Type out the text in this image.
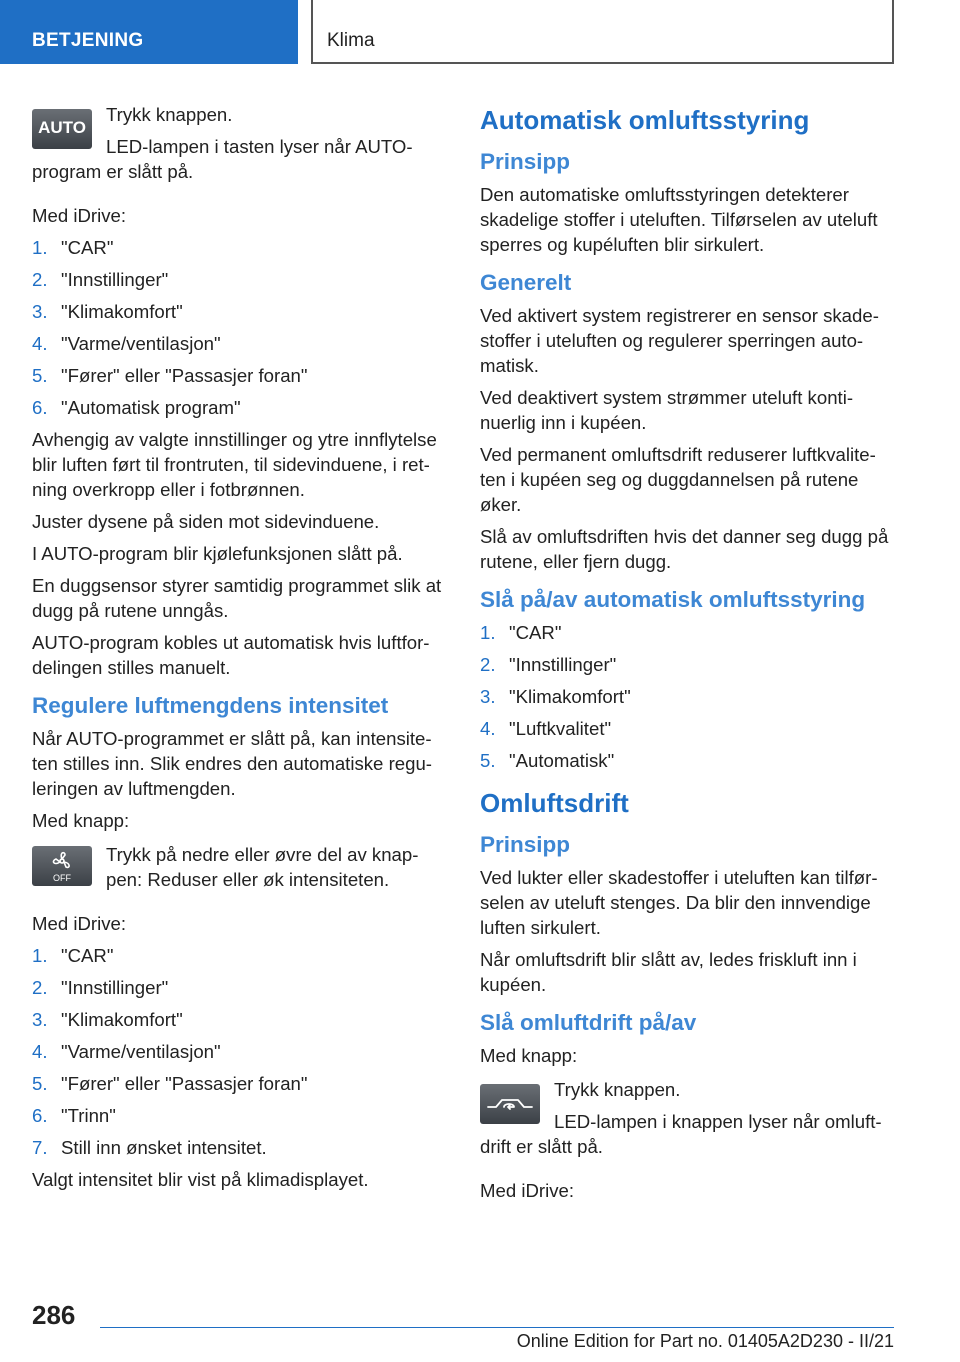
BETJENING	Klima
AUTO

Trykk knappen.

LED-lampen i tasten lyser når AUTO-program er slått på.

Med iDrive:

1. "CAR"
2. "Innstillinger"
3. "Klimakomfort"
4. "Varme/ventilasjon"
5. "Fører" eller "Passasjer foran"
6. "Automatisk program"

Avhengig av valgte innstillinger og ytre innflytelse blir luften ført til frontruten, til sidevinduene, i ret-ning overkropp eller i fotbrønnen.

Juster dysene på siden mot sidevinduene.

I AUTO-program blir kjølefunksjonen slått på.

En duggsensor styrer samtidig programmet slik at dugg på rutene unngås.

AUTO-program kobles ut automatisk hvis luftfor-delingen stilles manuelt.

Regulere luftmengdens intensitet

Når AUTO-programmet er slått på, kan intensite-ten stilles inn. Slik endres den automatiske regu-leringen av luftmengden.

Med knapp:

OFF

Trykk på nedre eller øvre del av knap-pen: Reduser eller øk intensiteten.

Med iDrive:

1. "CAR"
2. "Innstillinger"
3. "Klimakomfort"
4. "Varme/ventilasjon"
5. "Fører" eller "Passasjer foran"
6. "Trinn"
7. Still inn ønsket intensitet.

Valgt intensitet blir vist på klimadisplayet.

Automatisk omluftsstyring
Prinsipp

Den automatiske omluftsstyringen detekterer skadelige stoffer i uteluften. Tilførselen av uteluft sperres og kupéluften blir sirkulert.

Generelt

Ved aktivert system registrerer en sensor skade-stoffer i uteluften og regulerer sperringen auto-matisk.

Ved deaktivert system strømmer uteluft konti-nuerlig inn i kupéen.

Ved permanent omluftsdrift reduserer luftkvalite-ten i kupéen seg og duggdannelsen på rutene øker.

Slå av omluftsdriften hvis det danner seg dugg på rutene, eller fjern dugg.

Slå på/av automatisk omluftsstyring
1. "CAR"
2. "Innstillinger"
3. "Klimakomfort"
4. "Luftkvalitet"
5. "Automatisk"
Omluftsdrift
Prinsipp

Ved lukter eller skadestoffer i uteluften kan tilfør-selen av uteluft stenges. Da blir den innvendige luften sirkulert.

Når omluftsdrift blir slått av, ledes friskluft inn i kupéen.

Slå omluftdrift på/av

Med knapp:

Trykk knappen.

LED-lampen i knappen lyser når omluft-drift er slått på.

Med iDrive:

286
Online Edition for Part no. 01405A2D230 - II/21
